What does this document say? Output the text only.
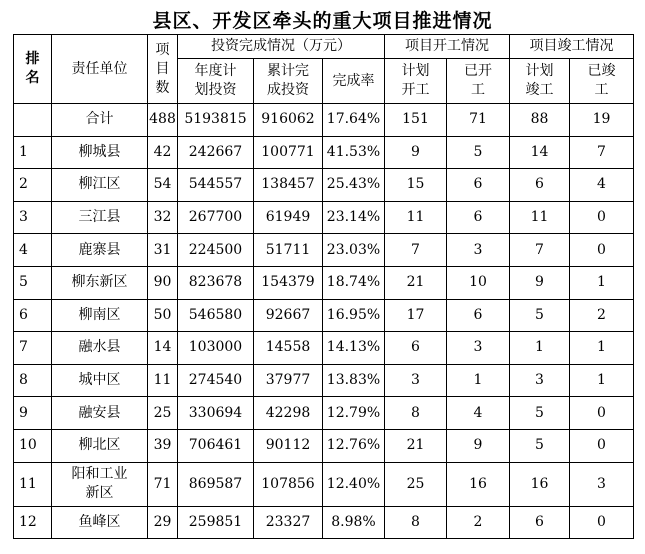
县区、开发区牵头的重大项目推进情况
排名	责任单位	项目数	投资完成情况（万元）			项目开工情况		项目竣工情况	
			年度计划投资	累计完成投资	完成率	计划开工	已开工	计划竣工	已竣工
	合计	488	5193815	916062	17.64%	151	71	88	19
1	柳城县	42	242667	100771	41.53%	9	5	14	7
2	柳江区	54	544557	138457	25.43%	15	6	6	4
3	三江县	32	267700	61949	23.14%	11	6	11	0
4	鹿寨县	31	224500	51711	23.03%	7	3	7	0
5	柳东新区	90	823678	154379	18.74%	21	10	9	1
6	柳南区	50	546580	92667	16.95%	17	6	5	2
7	融水县	14	103000	14558	14.13%	6	3	1	1
8	城中区	11	274540	37977	13.83%	3	1	3	1
9	融安县	25	330694	42298	12.79%	8	4	5	0
10	柳北区	39	706461	90112	12.76%	21	9	5	0
11	阳和工业新区	71	869587	107856	12.40%	25	16	16	3
12	鱼峰区	29	259851	23327	8.98%	8	2	6	0
